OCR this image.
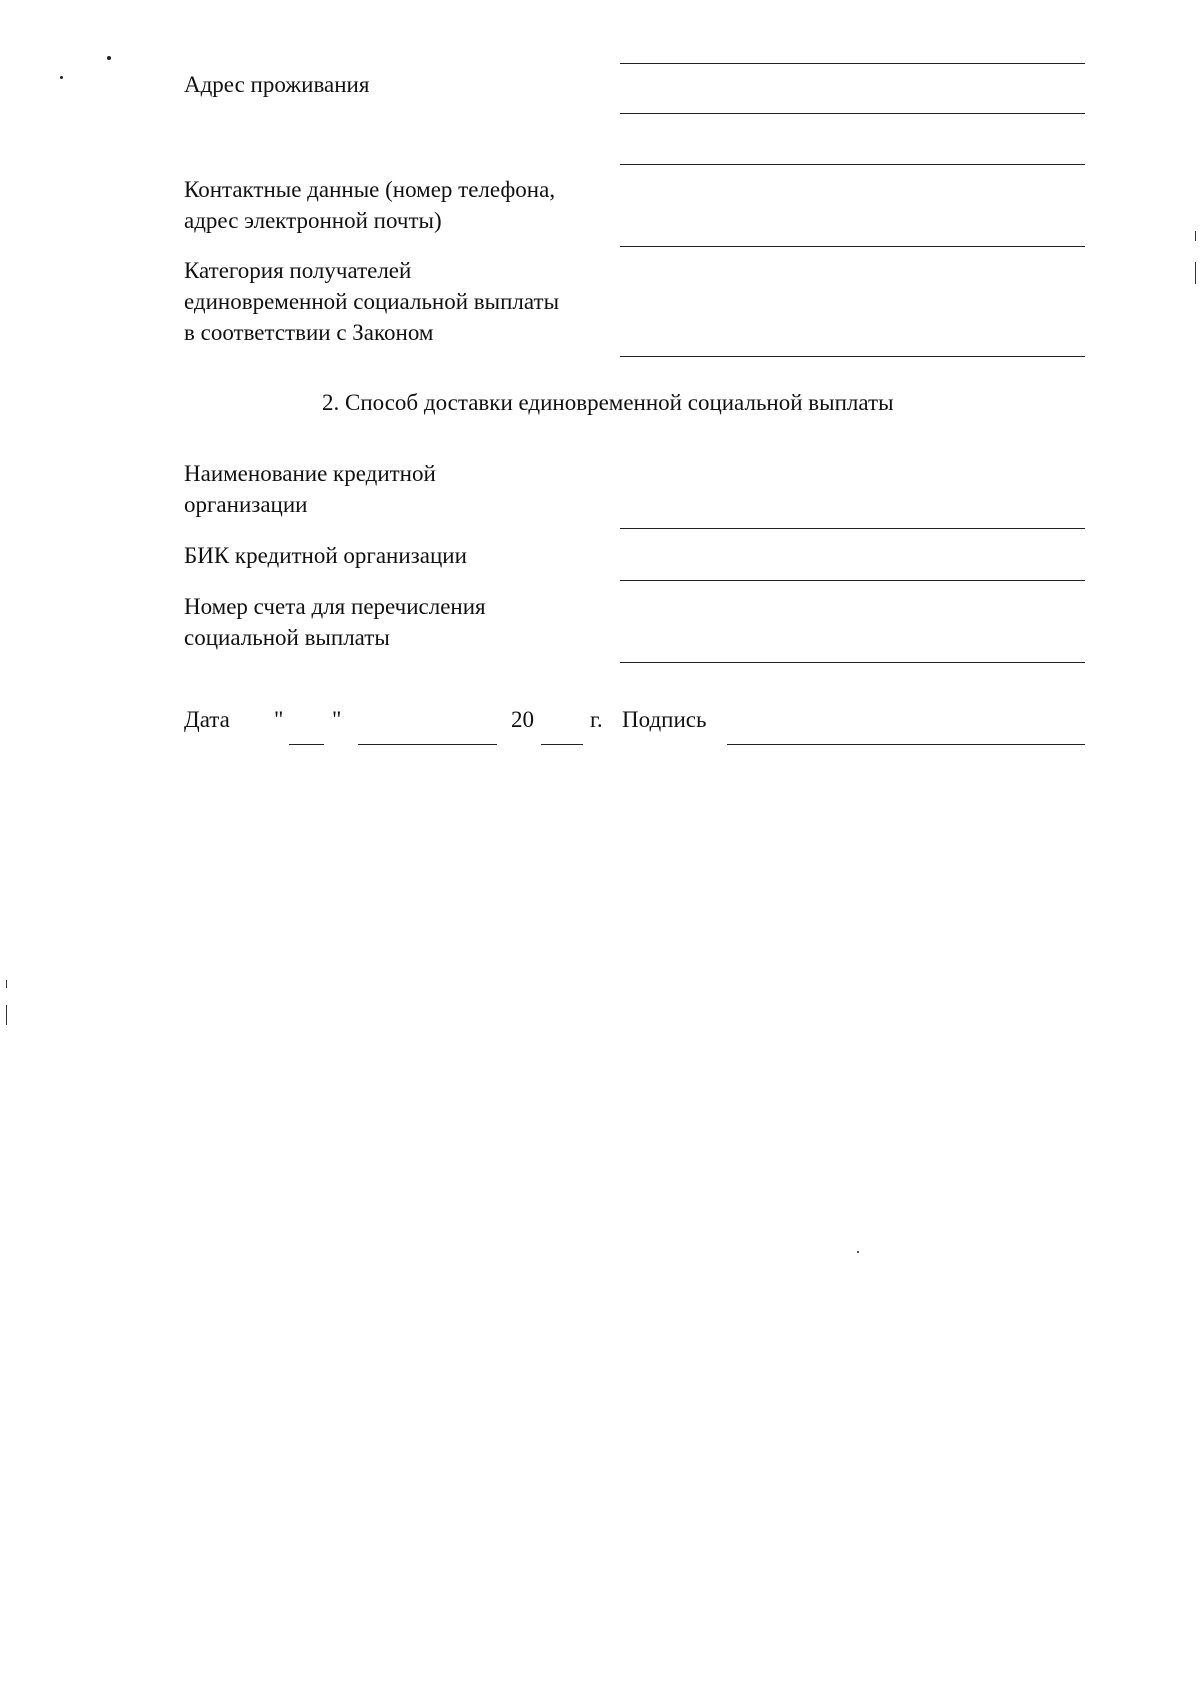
Адрес проживания
Контактные данные (номер телефона,
адрес электронной почты)
Категория получателей
единовременной социальной выплаты
в соответствии с Законом
2. Способ доставки единовременной социальной выплаты
Наименование кредитной
организации
БИК кредитной организации
Номер счета для перечисления
социальной выплаты
Дата " "	20 г. Подпись
